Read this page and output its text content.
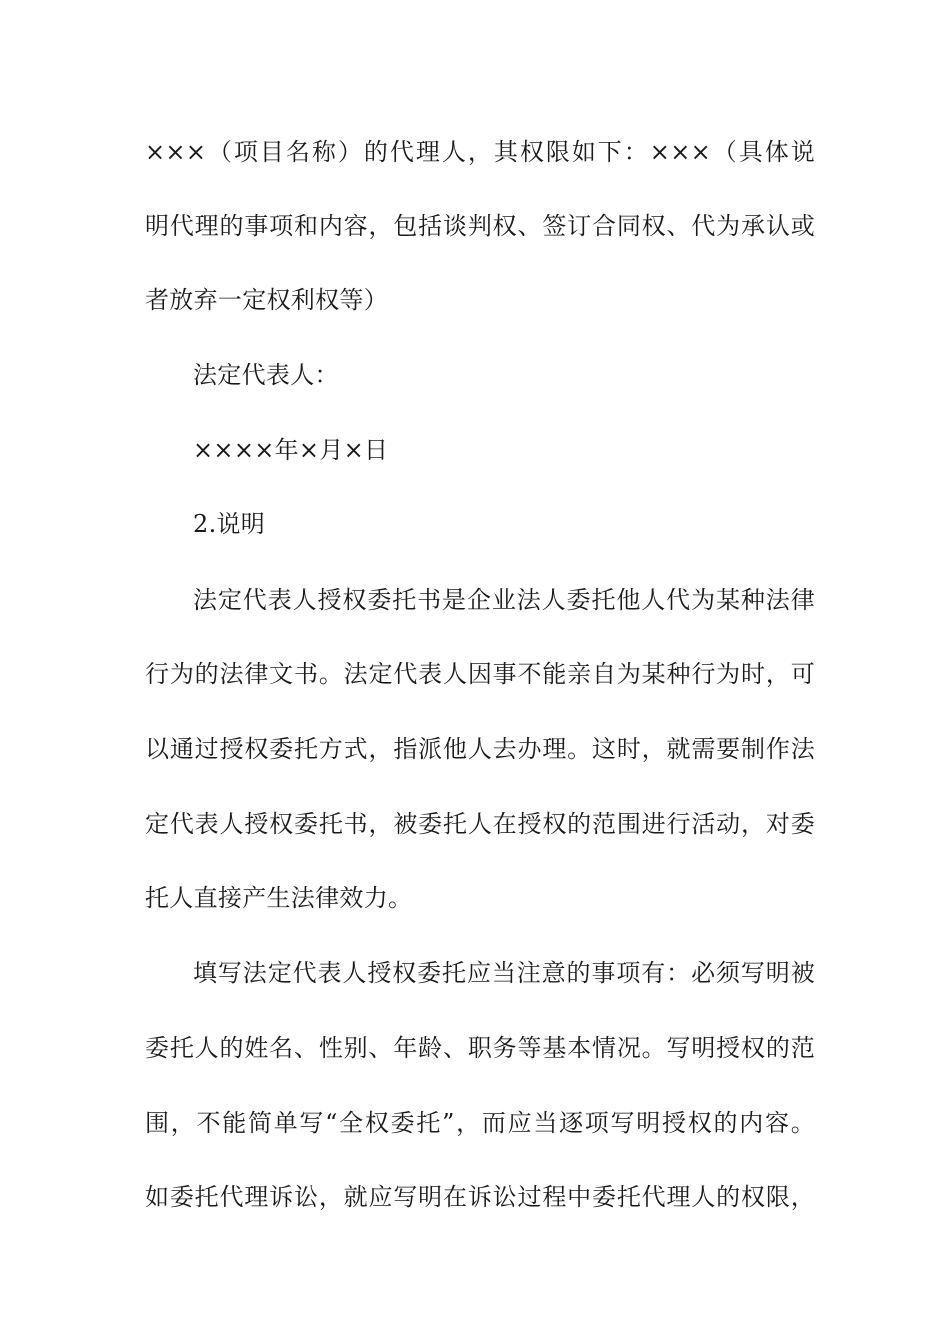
×××（项目名称）的代理人，其权限如下：×××（具体说
明代理的事项和内容，包括谈判权、签订合同权、代为承认或
者放弃一定权利权等）
法定代表人：
××××年×月×日
2.说明
法定代表人授权委托书是企业法人委托他人代为某种法律
行为的法律文书。法定代表人因事不能亲自为某种行为时，可
以通过授权委托方式，指派他人去办理。这时，就需要制作法
定代表人授权委托书，被委托人在授权的范围进行活动，对委
托人直接产生法律效力。
填写法定代表人授权委托应当注意的事项有：必须写明被
委托人的姓名、性别、年龄、职务等基本情况。写明授权的范
围，不能简单写“全权委托”，而应当逐项写明授权的内容。
如委托代理诉讼，就应写明在诉讼过程中委托代理人的权限，
